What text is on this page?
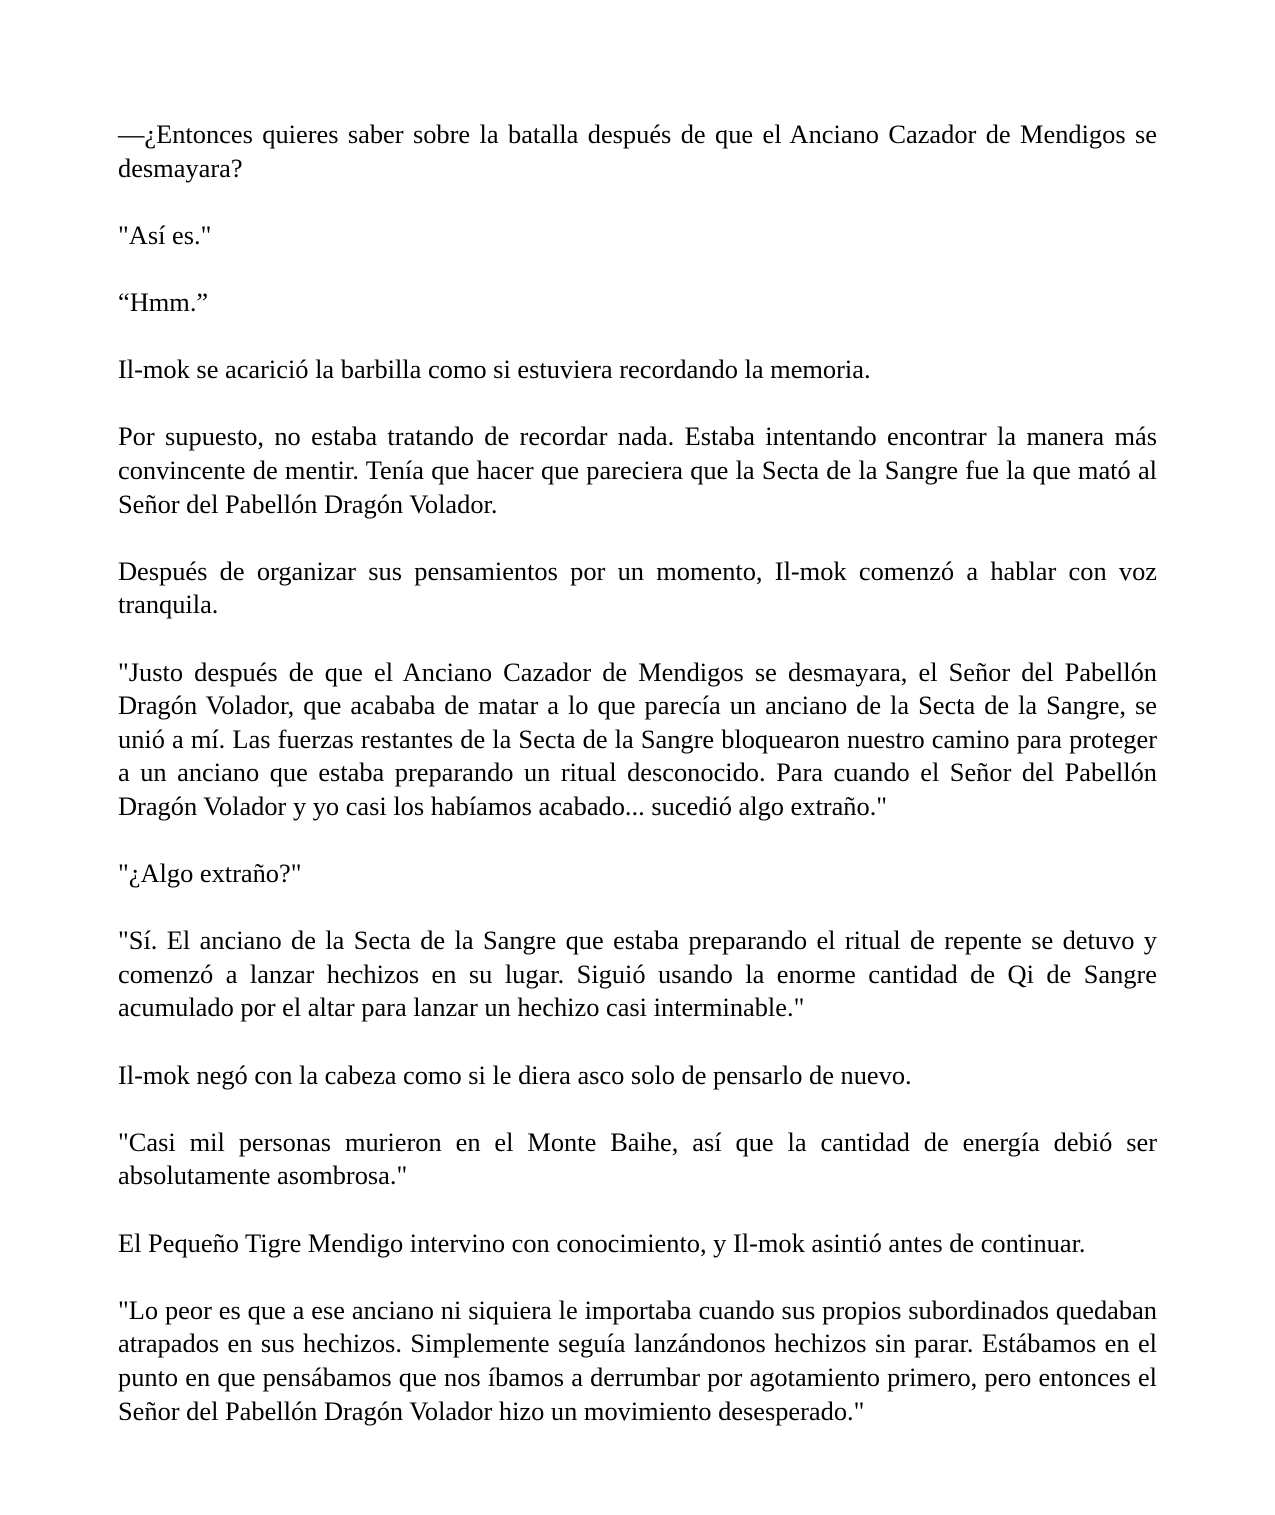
—¿Entonces quieres saber sobre la batalla después de que el Anciano Cazador de Mendigos se desmayara?

"Así es."

“Hmm.”

Il-mok se acarició la barbilla como si estuviera recordando la memoria.

Por supuesto, no estaba tratando de recordar nada. Estaba intentando encontrar la manera más convincente de mentir. Tenía que hacer que pareciera que la Secta de la Sangre fue la que mató al Señor del Pabellón Dragón Volador.

Después de organizar sus pensamientos por un momento, Il-mok comenzó a hablar con voz tranquila.

"Justo después de que el Anciano Cazador de Mendigos se desmayara, el Señor del Pabellón Dragón Volador, que acababa de matar a lo que parecía un anciano de la Secta de la Sangre, se unió a mí. Las fuerzas restantes de la Secta de la Sangre bloquearon nuestro camino para proteger a un anciano que estaba preparando un ritual desconocido. Para cuando el Señor del Pabellón Dragón Volador y yo casi los habíamos acabado... sucedió algo extraño."

"¿Algo extraño?"

"Sí. El anciano de la Secta de la Sangre que estaba preparando el ritual de repente se detuvo y comenzó a lanzar hechizos en su lugar. Siguió usando la enorme cantidad de Qi de Sangre acumulado por el altar para lanzar un hechizo casi interminable."

Il-mok negó con la cabeza como si le diera asco solo de pensarlo de nuevo.

"Casi mil personas murieron en el Monte Baihe, así que la cantidad de energía debió ser absolutamente asombrosa."

El Pequeño Tigre Mendigo intervino con conocimiento, y Il-mok asintió antes de continuar.

"Lo peor es que a ese anciano ni siquiera le importaba cuando sus propios subordinados quedaban atrapados en sus hechizos. Simplemente seguía lanzándonos hechizos sin parar. Estábamos en el punto en que pensábamos que nos íbamos a derrumbar por agotamiento primero, pero entonces el Señor del Pabellón Dragón Volador hizo un movimiento desesperado."
